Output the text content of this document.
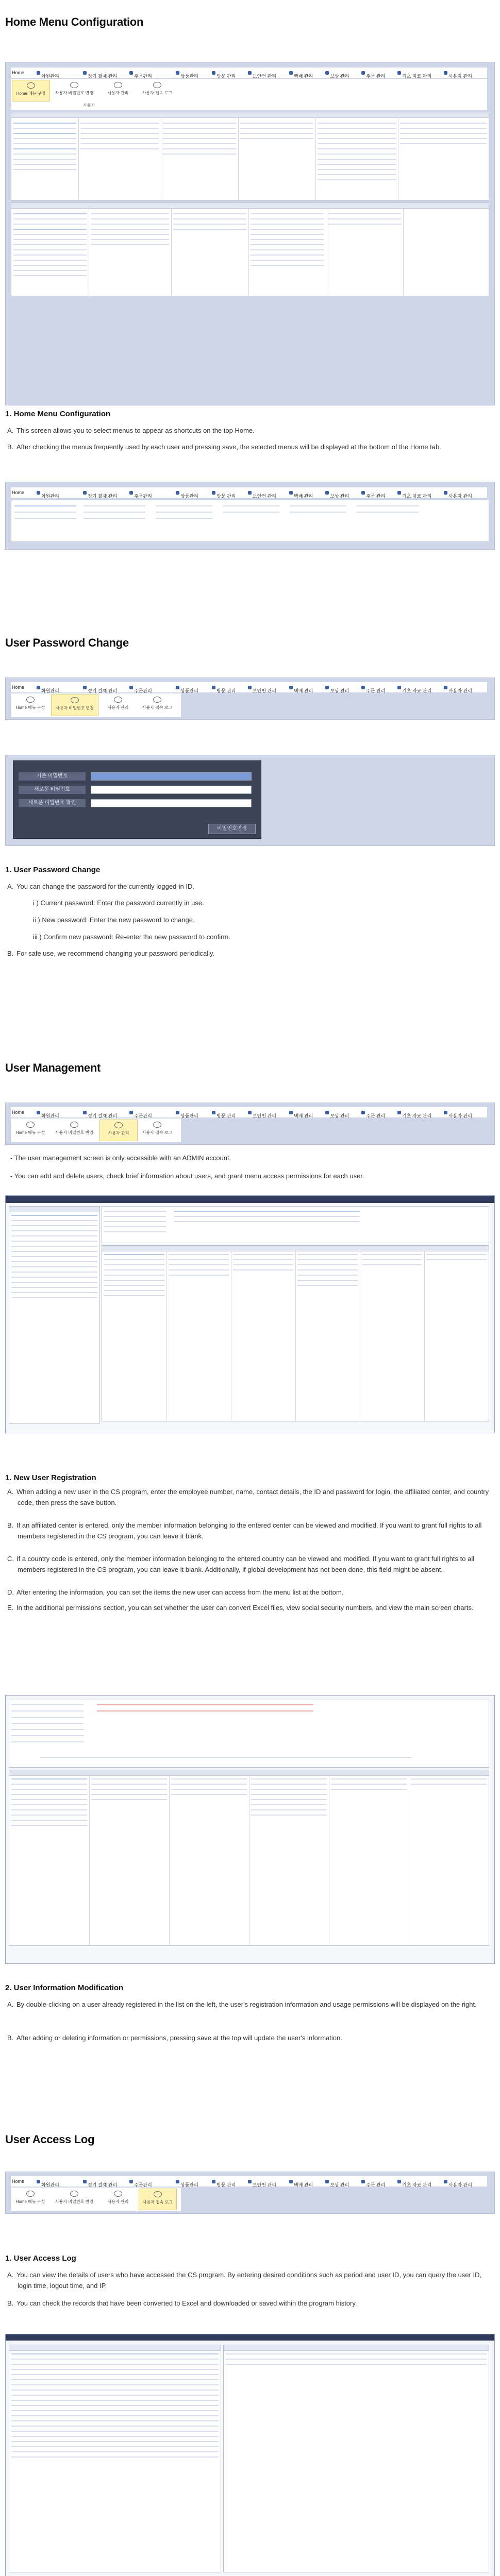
Home Menu Configuration
Home
화원관리	정기 결제 관리	주문관리	상품관리	방문 관리	보안번 관리	택배 관리	보상 관리	주문 관리	기초 자료 관리	사용자 관리
Home 메뉴 구성	사용자 비밀번호 변경	사용자 관리	사용자 접속 로그
사용자
1. Home Menu Configuration
A. This screen allows you to select menus to appear as shortcuts on the top Home.
B. After checking the menus frequently used by each user and pressing save, the selected menus will be displayed at the bottom of the Home tab.
Home
화원관리	정기 결제 관리	주문관리	상품관리	방문 관리	보안번 관리	택배 관리	보상 관리	주문 관리	기초 자료 관리	사용자 관리
User Password Change
Home
화원관리	정기 결제 관리	주문관리	상품관리	방문 관리	보안번 관리	택배 관리	보상 관리	주문 관리	기초 자료 관리	사용자 관리
Home 메뉴 구성	사용자 비밀번호 변경	사용자 관리	사용자 접속 로그
기존 비밀번호
새로운 비밀번호
새로운 비밀번호 확인
비밀번호변경
1. User Password Change
A. You can change the password for the currently logged-in ID.
i ) Current password: Enter the password currently in use.
ii ) New password: Enter the new password to change.
iii ) Confirm new password: Re-enter the new password to confirm.
B. For safe use, we recommend changing your password periodically.
User Management
Home
화원관리	정기 결제 관리	주문관리	상품관리	방문 관리	보안번 관리	택배 관리	보상 관리	주문 관리	기초 자료 관리	사용자 관리
Home 메뉴 구성	사용자 비밀번호 변경	사용자 관리	사용자 접속 로그
- The user management screen is only accessible with an ADMIN account.
- You can add and delete users, check brief information about users, and grant menu access permissions for each user.
1. New User Registration
A. When adding a new user in the CS program, enter the employee number, name, contact details, the ID and password for login, the affiliated center, and country code, then press the save button.
B. If an affiliated center is entered, only the member information belonging to the entered center can be viewed and modified. If you want to grant full rights to all members registered in the CS program, you can leave it blank.
C. If a country code is entered, only the member information belonging to the entered country can be viewed and modified. If you want to grant full rights to all members registered in the CS program, you can leave it blank. Additionally, if global development has not been done, this field might be absent.
D. After entering the information, you can set the items the new user can access from the menu list at the bottom.
E. In the additional permissions section, you can set whether the user can convert Excel files, view social security numbers, and view the main screen charts.
2. User Information Modification
A. By double-clicking on a user already registered in the list on the left, the user's registration information and usage permissions will be displayed on the right.
B. After adding or deleting information or permissions, pressing save at the top will update the user's information.
User Access Log
Home
화원관리	정기 결제 관리	주문관리	상품관리	방문 관리	보안번 관리	택배 관리	보상 관리	주문 관리	기초 자료 관리	사용자 관리
Home 메뉴 구성	사용자 비밀번호 변경	사용자 관리	사용자 접속 로그
1. User Access Log
A. You can view the details of users who have accessed the CS program. By entering desired conditions such as period and user ID, you can query the user ID, login time, logout time, and IP.
B. You can check the records that have been converted to Excel and downloaded or saved within the program history.
